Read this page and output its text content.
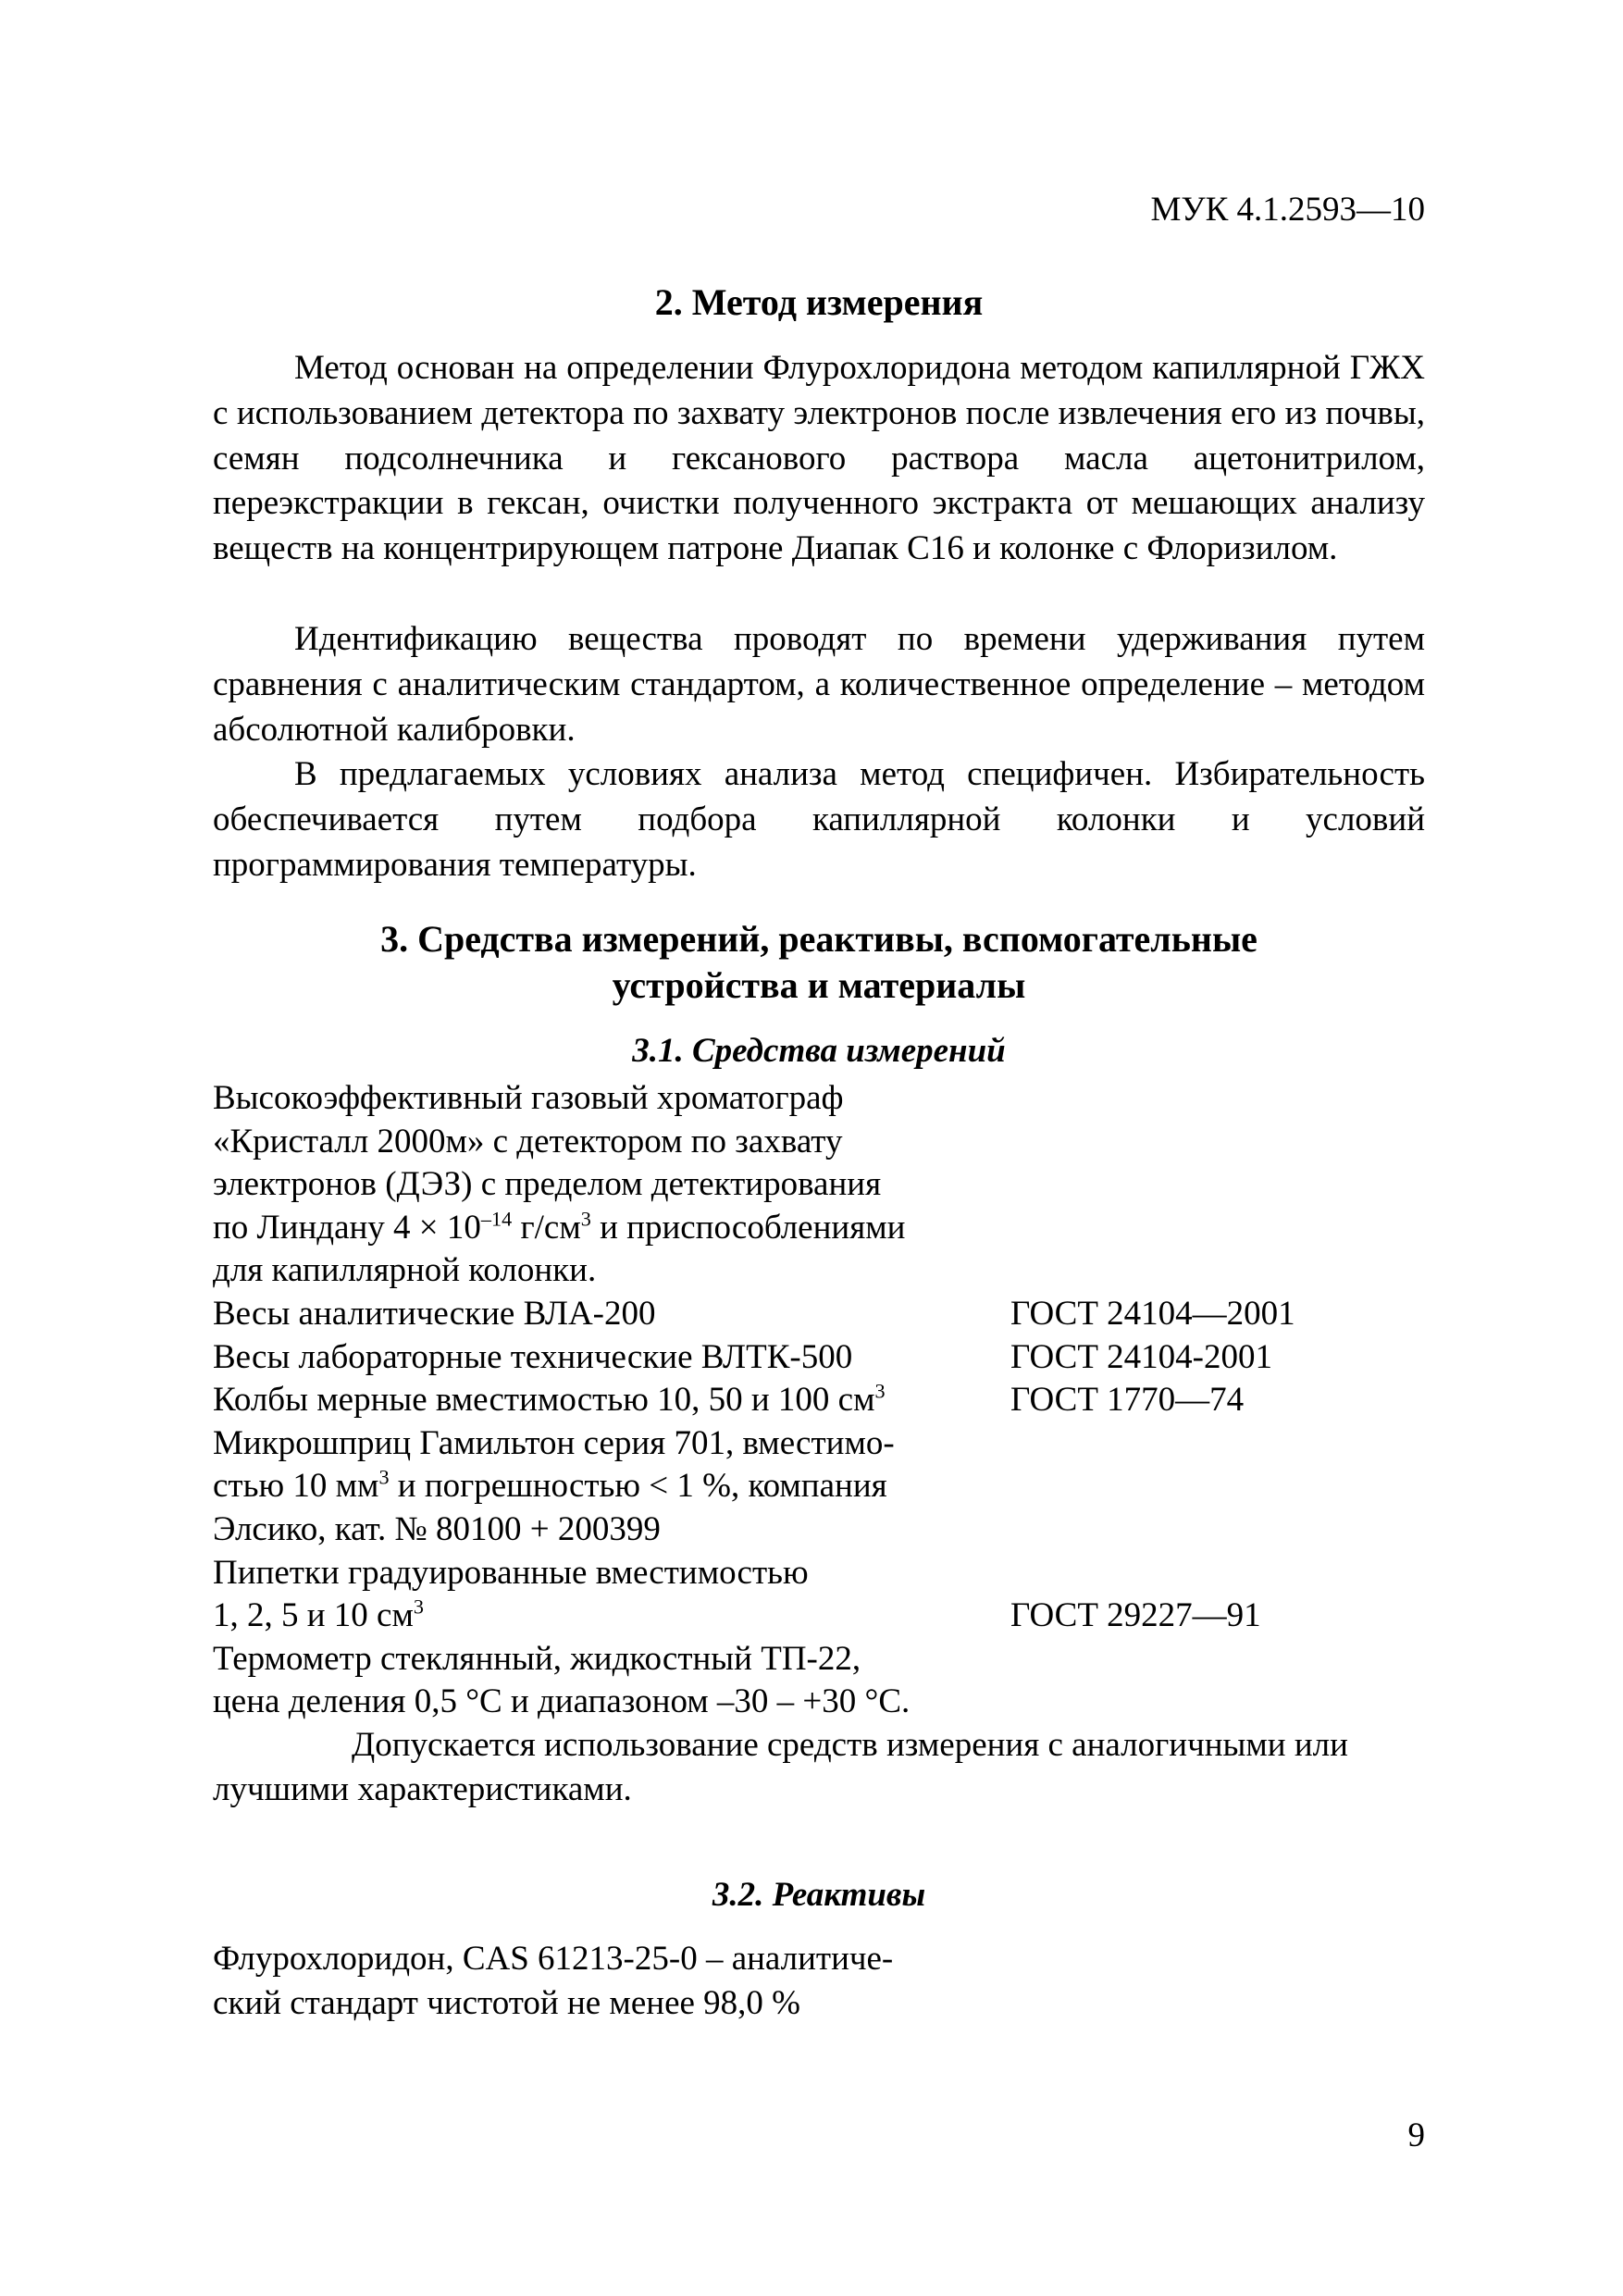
МУК 4.1.2593—10
2. Метод измерения
Метод основан на определении Флурохлоридона методом капиллярной ГЖХ с использованием детектора по захвату электронов после извлечения его из почвы, семян подсолнечника и гексанового раствора масла ацетонитрилом, переэкстракции в гексан, очистки полученного экстракта от мешающих анализу веществ на концентрирующем патроне Диапак С16 и колонке с Флоризилом.
Идентификацию вещества проводят по времени удерживания путем сравнения с аналитическим стандартом, а количественное определение – методом абсолютной калибровки.
В предлагаемых условиях анализа метод специфичен. Избирательность обеспечивается путем подбора капиллярной колонки и условий программирования температуры.
3. Средства измерений, реактивы, вспомогательные
устройства и материалы
3.1. Средства измерений
Высокоэффективный газовый хроматограф
«Кристалл 2000м» с детектором по захвату
электронов (ДЭЗ) с пределом детектирования
по Линдану $4 \times 10^{-14}$ $г/см^3$ и приспособлениями
для капиллярной колонки.
Весы аналитические ВЛА-200	ГОСТ 24104—2001
Весы лабораторные технические ВЛТК-500	ГОСТ 24104-2001
Колбы мерные вместимостью 10, 50 и 100 $см^3$	ГОСТ 1770—74
Микрошприц Гамильтон серия 701, вместимо-
стью 10 $мм^3$ и погрешностью < 1 %, компания
Элсико, кат. № 80100 + 200399
Пипетки градуированные вместимостью
1, 2, 5 и 10 $см^3$	ГОСТ 29227—91
Термометр стеклянный, жидкостный ТП-22,
цена деления 0,5 °С и диапазоном –30 – +30 °С.
Допускается использование средств измерения с аналогичными или лучшими характеристиками.
3.2. Реактивы
Флурохлоридон, CAS 61213-25-0 – аналитиче-
ский стандарт чистотой не менее 98,0 %
9
